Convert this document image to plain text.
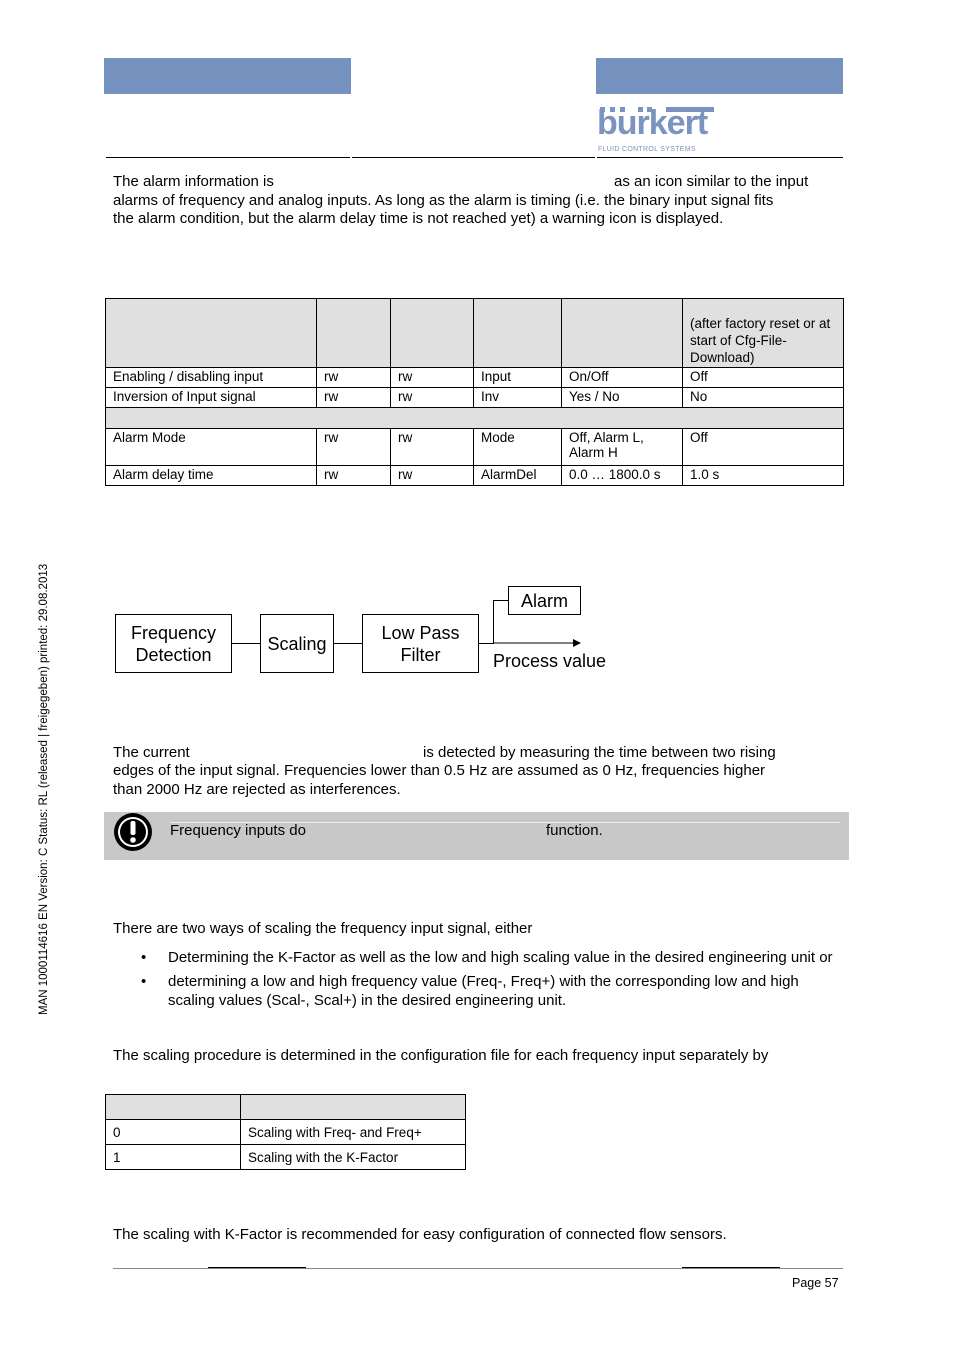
burkert
FLUID CONTROL SYSTEMS
The alarm information is	as an icon similar to the input
alarms of frequency and analog inputs. As long as the alarm is timing (i.e. the binary input signal fits
the alarm condition, but the alarm delay time is not reached yet) a warning icon is displayed.
					(after factory reset or at start of Cfg-File-Download)
Enabling / disabling input	rw	rw	Input	On/Off	Off
Inversion of Input signal	rw	rw	Inv	Yes / No	No

Alarm Mode	rw	rw	Mode	Off, Alarm L, Alarm H	Off
Alarm delay time	rw	rw	AlarmDel	0.0 … 1800.0 s	1.0 s
Frequency Detection
Scaling
Low Pass Filter
Alarm
Process value
The current	is detected by measuring the time between two rising
edges of the input signal. Frequencies lower than 0.5 Hz are assumed as 0 Hz, frequencies higher
than 2000 Hz are rejected as interferences.
Frequency inputs do	function.
There are two ways of scaling the frequency input signal, either
• Determining the K-Factor as well as the low and high scaling value in the desired engineering unit or
• determining a low and high frequency value (Freq-, Freq+) with the corresponding low and high scaling values (Scal-, Scal+) in the desired engineering unit.
The scaling procedure is determined in the configuration file for each frequency input separately by

0	Scaling with Freq- and Freq+
1	Scaling with the K-Factor
The scaling with K-Factor is recommended for easy configuration of connected flow sensors.
MAN 1000114616 EN Version: C Status: RL (released | freigegeben) printed: 29.08.2013
Page 57
